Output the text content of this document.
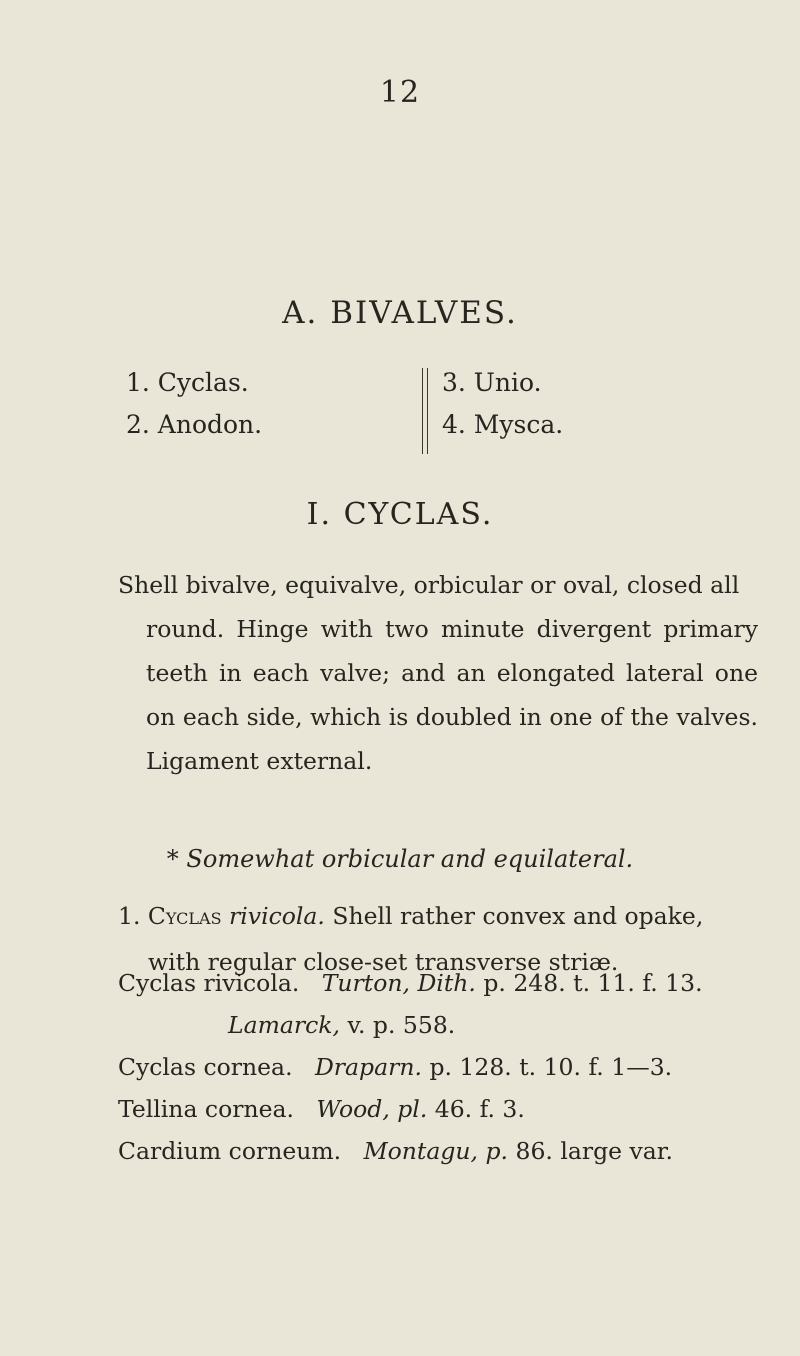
12
A. BIVALVES.
1. Cyclas.
2. Anodon.
3. Unio.
4. Mysca.
I. CYCLAS.
Shell bivalve, equivalve, orbicular or oval, closed all
round. Hinge with two minute divergent primary teeth in each valve; and an elongated lateral one on each side, which is doubled in one of the valves. Ligament external.
* Somewhat orbicular and equilateral.
1. Cyclas rivicola. Shell rather convex and opake,
with regular close-set transverse striæ.
Cyclas rivicola. Turton, Dith. p. 248. t. 11. f. 13.
Lamarck, v. p. 558.
Cyclas cornea. Draparn. p. 128. t. 10. f. 1—3.
Tellina cornea. Wood, pl. 46. f. 3.
Cardium corneum. Montagu, p. 86. large var.
